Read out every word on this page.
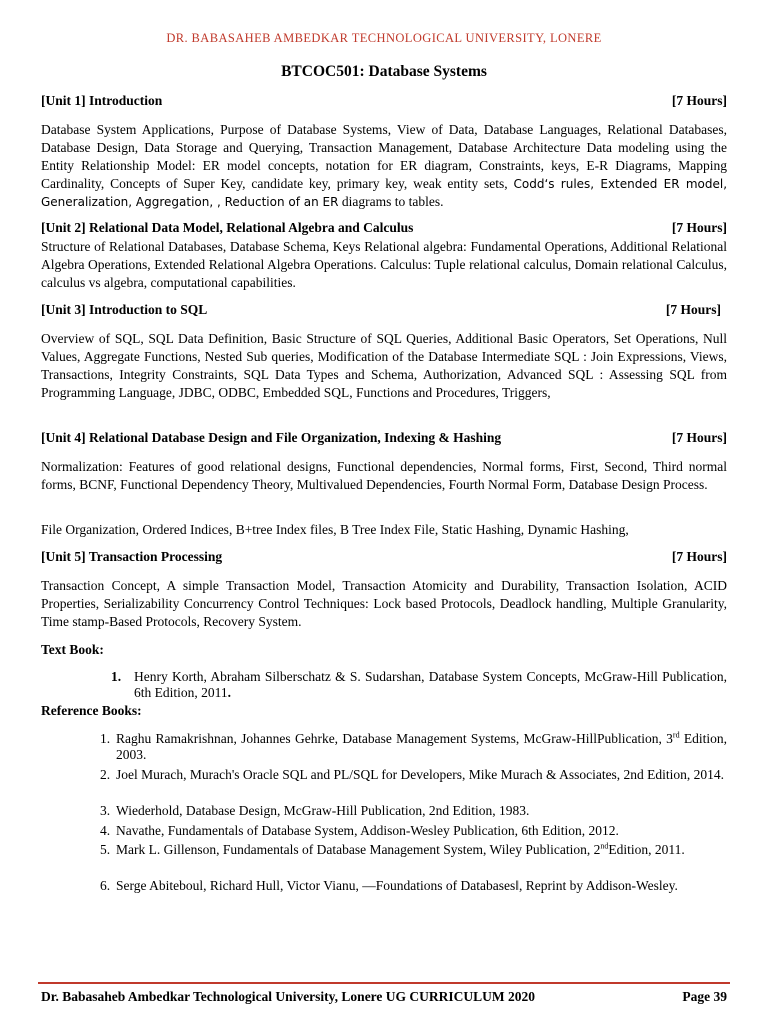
DR. BABASAHEB AMBEDKAR TECHNOLOGICAL UNIVERSITY, LONERE
BTCOC501: Database Systems
[Unit 1] Introduction	[7 Hours]
Database System Applications, Purpose of Database Systems, View of Data, Database Languages, Relational Databases, Database Design, Data Storage and Querying, Transaction Management, Database Architecture Data modeling using the Entity Relationship Model: ER model concepts, notation for ER diagram, Constraints, keys, E-R Diagrams, Mapping Cardinality, Concepts of Super Key, candidate key, primary key, weak entity sets, Codd‘s rules, Extended ER model, Generalization, Aggregation, , Reduction of an ER diagrams to tables.
[Unit 2] Relational Data Model, Relational Algebra and Calculus	[7 Hours]
Structure of Relational Databases, Database Schema, Keys Relational algebra: Fundamental Operations, Additional Relational Algebra Operations, Extended Relational Algebra Operations. Calculus: Tuple relational calculus, Domain relational Calculus, calculus vs algebra, computational capabilities.
[Unit 3] Introduction to SQL	[7 Hours]
Overview of SQL, SQL Data Definition, Basic Structure of SQL Queries, Additional Basic Operators, Set Operations, Null Values, Aggregate Functions, Nested Sub queries, Modification of the Database Intermediate SQL : Join Expressions, Views, Transactions, Integrity Constraints, SQL Data Types and Schema, Authorization, Advanced SQL : Assessing SQL from Programming Language, JDBC, ODBC, Embedded SQL, Functions and Procedures, Triggers,
[Unit 4] Relational Database Design and File Organization, Indexing & Hashing	[7 Hours]
Normalization: Features of good relational designs, Functional dependencies, Normal forms, First, Second, Third normal forms, BCNF, Functional Dependency Theory, Multivalued Dependencies, Fourth Normal Form, Database Design Process.
File Organization, Ordered Indices, B+tree Index files, B Tree Index File, Static Hashing, Dynamic Hashing,
[Unit 5] Transaction Processing	[7 Hours]
Transaction Concept, A simple Transaction Model, Transaction Atomicity and Durability, Transaction Isolation, ACID Properties, Serializability Concurrency Control Techniques: Lock based Protocols, Deadlock handling, Multiple Granularity, Time stamp-Based Protocols, Recovery System.
Text Book:
1. Henry Korth, Abraham Silberschatz & S. Sudarshan, Database System Concepts, McGraw-Hill Publication, 6th Edition, 2011.
Reference Books:
1. Raghu Ramakrishnan, Johannes Gehrke, Database Management Systems, McGraw-HillPublication, 3rd Edition, 2003.
2. Joel Murach, Murach's Oracle SQL and PL/SQL for Developers, Mike Murach & Associates, 2nd Edition, 2014.
3. Wiederhold, Database Design, McGraw-Hill Publication, 2nd Edition, 1983.
4. Navathe, Fundamentals of Database System, Addison-Wesley Publication, 6th Edition, 2012.
5. Mark L. Gillenson, Fundamentals of Database Management System, Wiley Publication, 2ndEdition, 2011.
6. Serge Abiteboul, Richard Hull, Victor Vianu, ―Foundations of Databases‖, Reprint by Addison-Wesley.
Dr. Babasaheb Ambedkar Technological University, Lonere UG CURRICULUM 2020	Page 39
